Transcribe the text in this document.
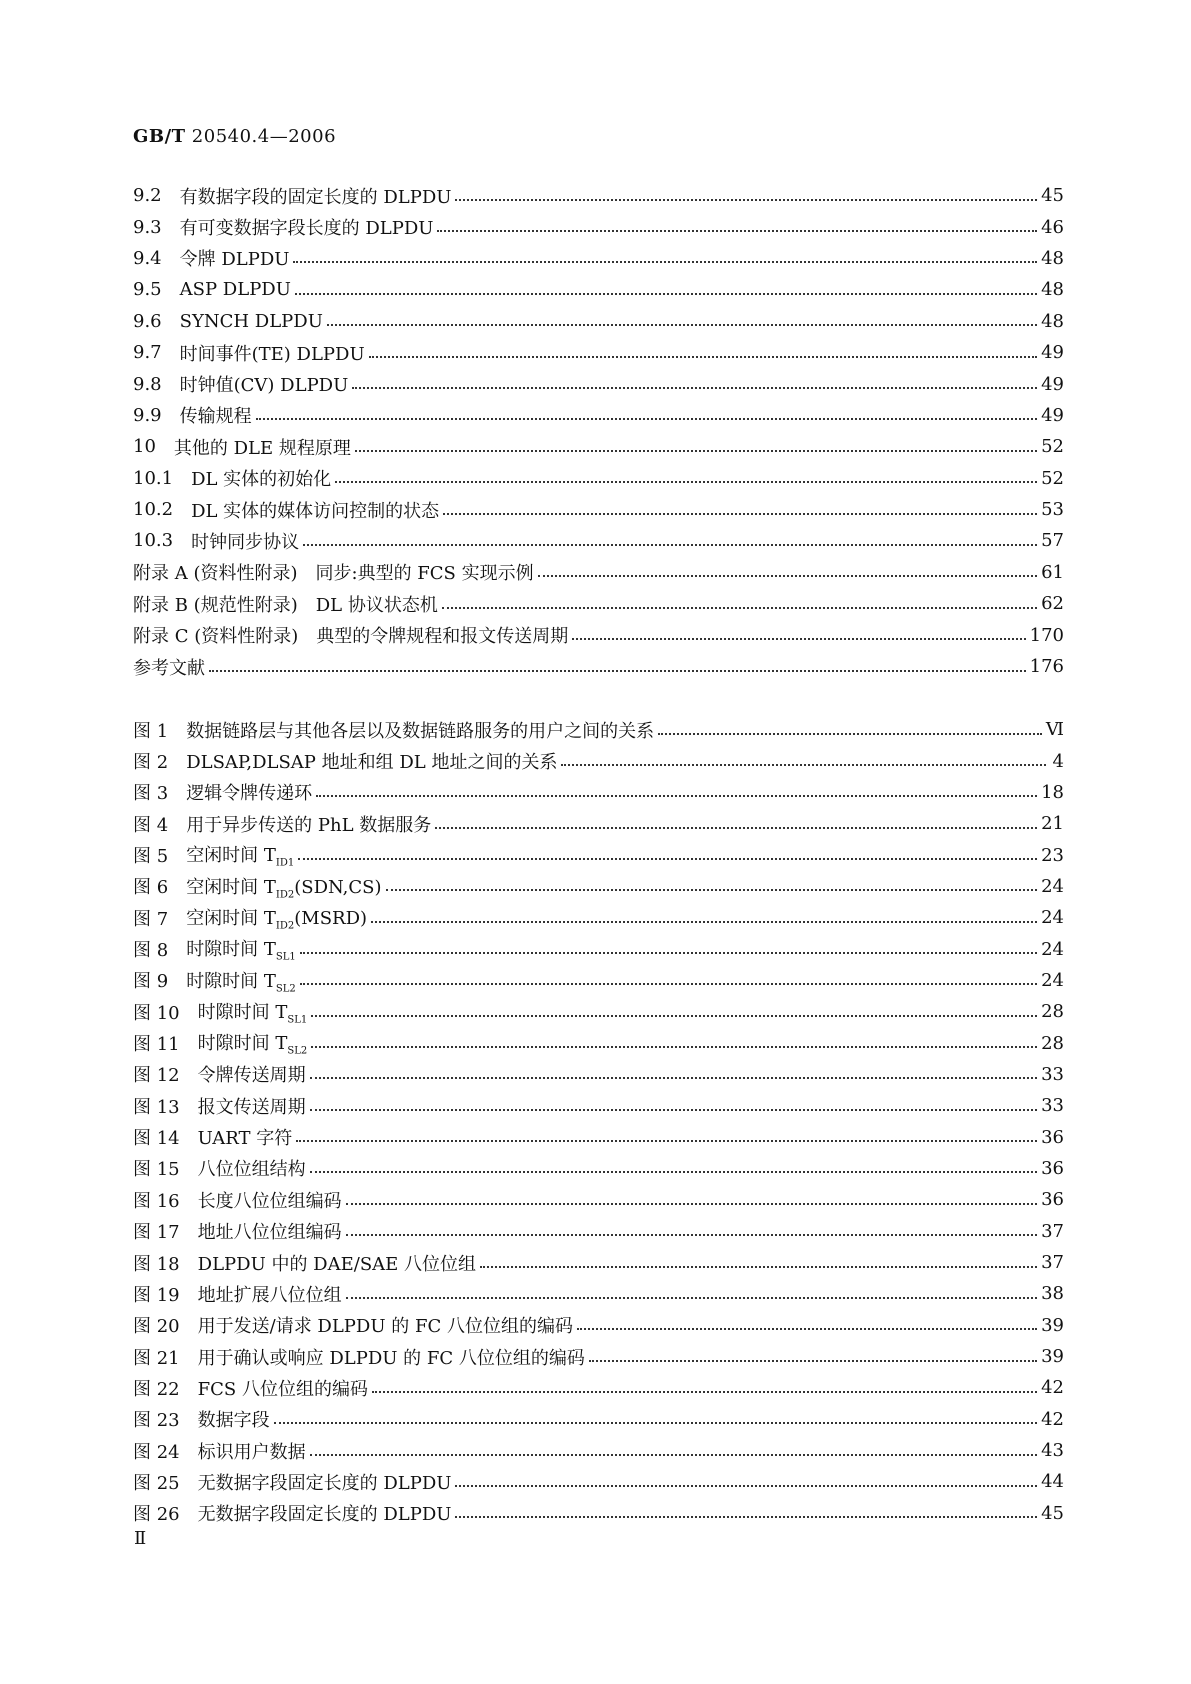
GB/T 20540.4—2006
9.2 有数据字段的固定长度的 DLPDU	45
9.3 有可变数据字段长度的 DLPDU	46
9.4 令牌 DLPDU	48
9.5 ASP DLPDU	48
9.6 SYNCH DLPDU	48
9.7 时间事件(TE) DLPDU	49
9.8 时钟值(CV) DLPDU	49
9.9 传输规程	49
10 其他的 DLE 规程原理	52
10.1 DL 实体的初始化	52
10.2 DL 实体的媒体访问控制的状态	53
10.3 时钟同步协议	57
附录 A (资料性附录) 同步:典型的 FCS 实现示例	61
附录 B (规范性附录) DL 协议状态机	62
附录 C (资料性附录) 典型的令牌规程和报文传送周期	170
参考文献	176
图 1 数据链路层与其他各层以及数据链路服务的用户之间的关系	Ⅵ
图 2 DLSAP,DLSAP 地址和组 DL 地址之间的关系	4
图 3 逻辑令牌传递环	18
图 4 用于异步传送的 PhL 数据服务	21
图 5 空闲时间 $T_{ID1}$	23
图 6 空闲时间 $T_{ID2}(SDN,CS)$	24
图 7 空闲时间 $T_{ID2}(MSRD)$	24
图 8 时隙时间 $T_{SL1}$	24
图 9 时隙时间 $T_{SL2}$	24
图 10 时隙时间 $T_{SL1}$	28
图 11 时隙时间 $T_{SL2}$	28
图 12 令牌传送周期	33
图 13 报文传送周期	33
图 14 UART 字符	36
图 15 八位位组结构	36
图 16 长度八位位组编码	36
图 17 地址八位位组编码	37
图 18 DLPDU 中的 DAE/SAE 八位位组	37
图 19 地址扩展八位位组	38
图 20 用于发送/请求 DLPDU 的 FC 八位位组的编码	39
图 21 用于确认或响应 DLPDU 的 FC 八位位组的编码	39
图 22 FCS 八位位组的编码	42
图 23 数据字段	42
图 24 标识用户数据	43
图 25 无数据字段固定长度的 DLPDU	44
图 26 无数据字段固定长度的 DLPDU	45
Ⅱ
